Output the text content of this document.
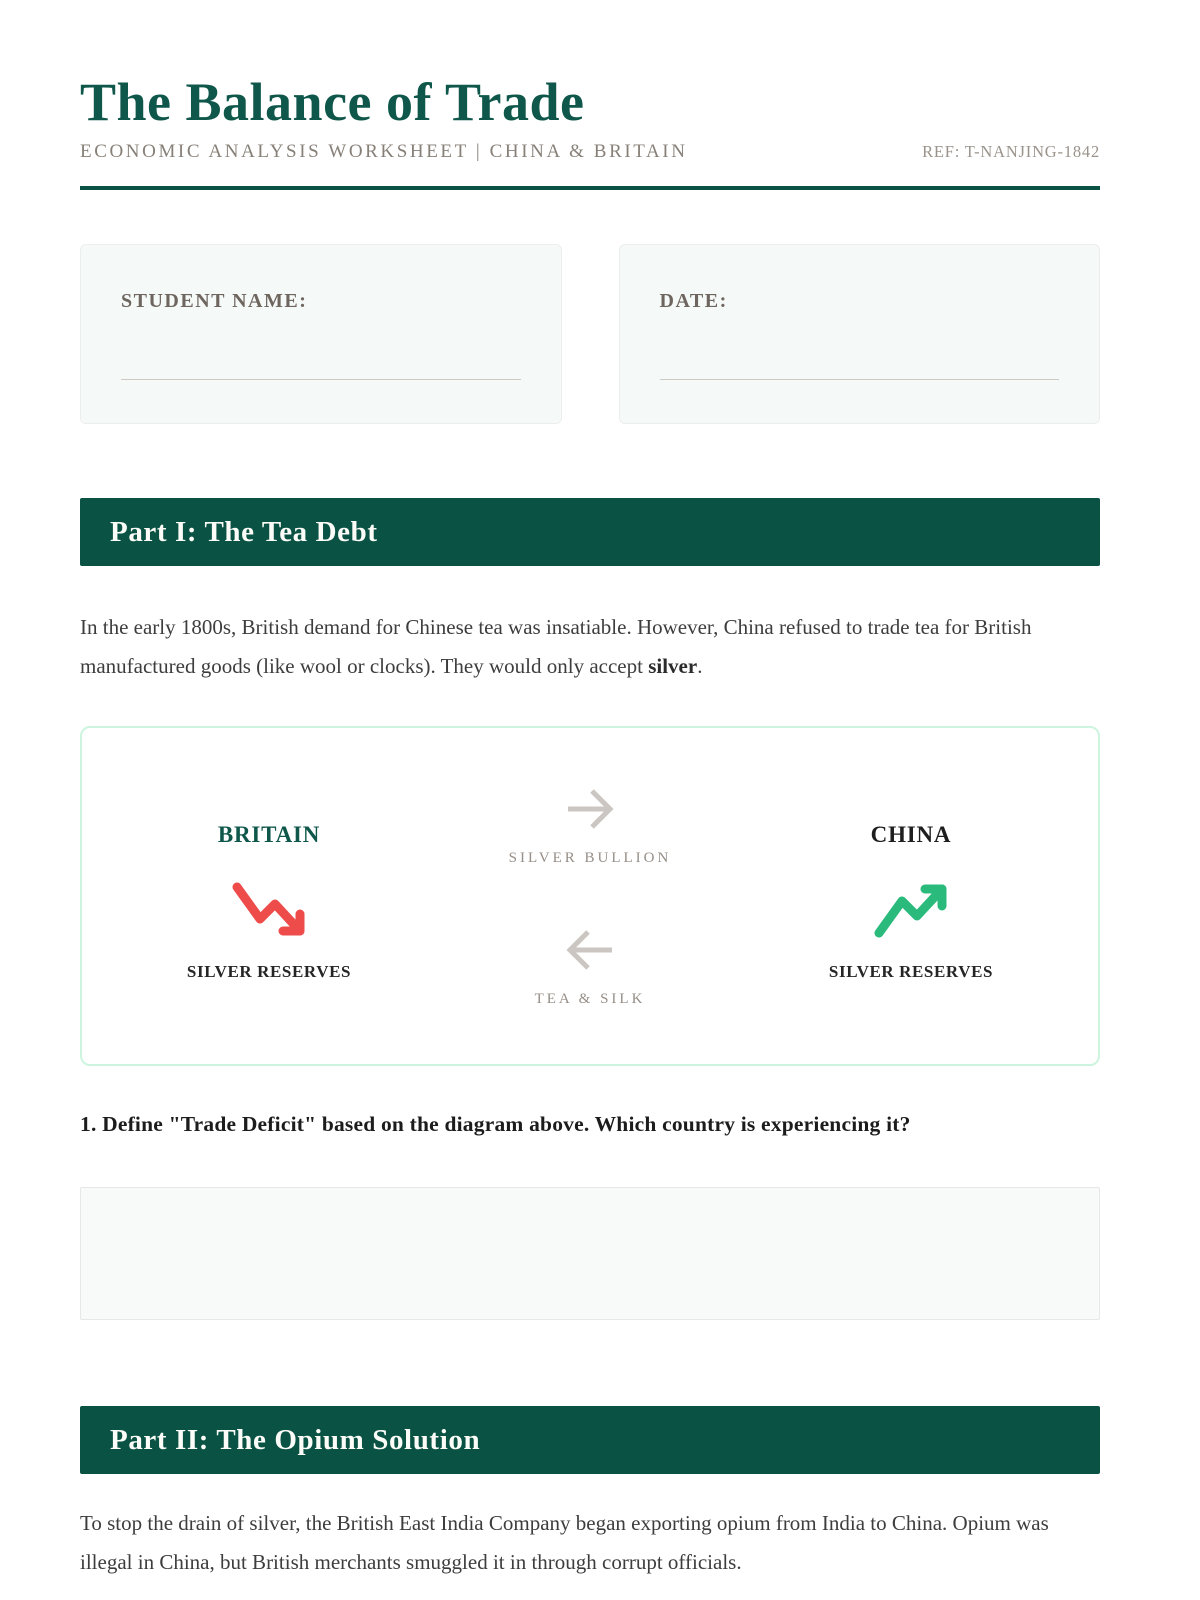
The Balance of Trade
ECONOMIC ANALYSIS WORKSHEET | CHINA & BRITAIN	REF: T-NANJING-1842
STUDENT NAME:	DATE:
Part I: The Tea Debt

In the early 1800s, British demand for Chinese tea was insatiable. However, China refused to trade tea for British manufactured goods (like wool or clocks). They would only accept silver.

BRITAIN
SILVER RESERVES
SILVER BULLION
TEA & SILK
CHINA
SILVER RESERVES

1. Define "Trade Deficit" based on the diagram above. Which country is experiencing it?

Part II: The Opium Solution

To stop the drain of silver, the British East India Company began exporting opium from India to China. Opium was illegal in China, but British merchants smuggled it in through corrupt officials.
